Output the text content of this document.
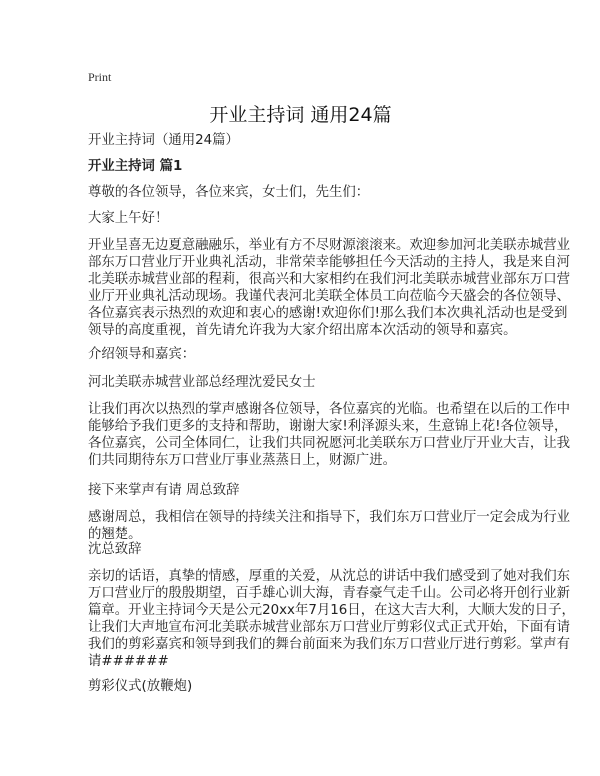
Print
开业主持词 通用24篇
开业主持词（通用24篇）
开业主持词 篇1
尊敬的各位领导，各位来宾，女士们，先生们：
大家上午好！
开业呈喜无边夏意融融乐，举业有方不尽财源滚滚来。欢迎参加河北美联赤城营业
部东万口营业厅开业典礼活动，非常荣幸能够担任今天活动的主持人，我是来自河
北美联赤城营业部的程莉，很高兴和大家相约在我们河北美联赤城营业部东万口营
业厅开业典礼活动现场。我谨代表河北美联全体员工向莅临今天盛会的各位领导、
各位嘉宾表示热烈的欢迎和衷心的感谢!欢迎你们!那么我们本次典礼活动也是受到
领导的高度重视，首先请允许我为大家介绍出席本次活动的领导和嘉宾。
介绍领导和嘉宾：
河北美联赤城营业部总经理沈爱民女士
让我们再次以热烈的掌声感谢各位领导，各位嘉宾的光临。也希望在以后的工作中
能够给予我们更多的支持和帮助，谢谢大家!利泽源头来，生意锦上花!各位领导，
各位嘉宾，公司全体同仁，让我们共同祝愿河北美联东万口营业厅开业大吉，让我
们共同期待东万口营业厅事业蒸蒸日上，财源广进。
接下来掌声有请 周总致辞
感谢周总，我相信在领导的持续关注和指导下，我们东万口营业厅一定会成为行业
的翘楚。
沈总致辞
亲切的话语，真挚的情感，厚重的关爱，从沈总的讲话中我们感受到了她对我们东
万口营业厅的殷殷期望，百手雄心训大海，青春豪气走千山。公司必将开创行业新
篇章。开业主持词今天是公元20xx年7月16日，在这大吉大利，大顺大发的日子，
让我们大声地宣布河北美联赤城营业部东万口营业厅剪彩仪式正式开始，下面有请
我们的剪彩嘉宾和领导到我们的舞台前面来为我们东万口营业厅进行剪彩。掌声有
请######
剪彩仪式(放鞭炮)
